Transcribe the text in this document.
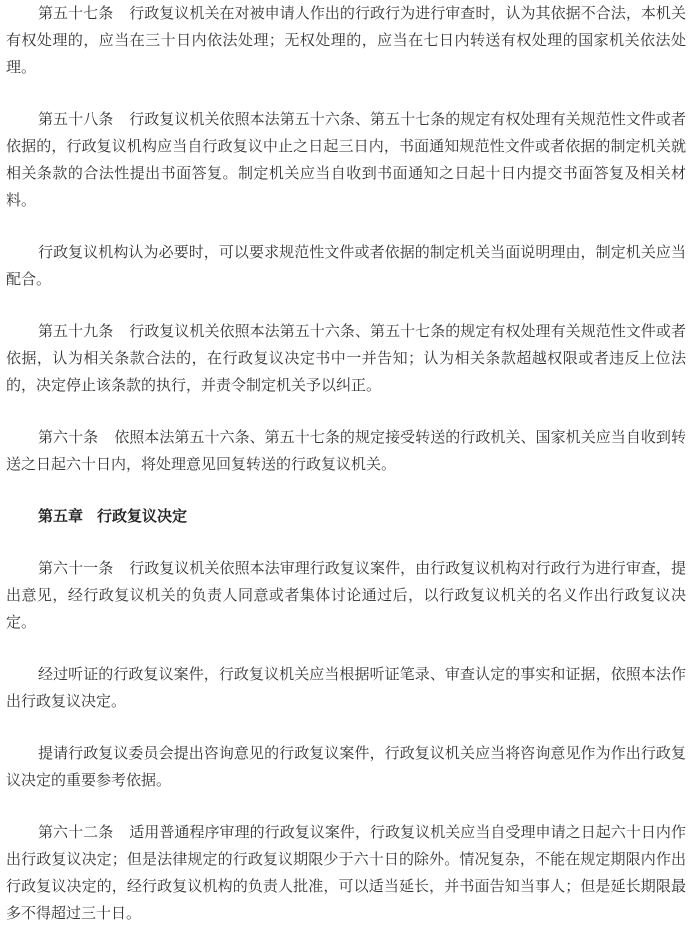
第五十七条 行政复议机关在对被申请人作出的行政行为进行审查时，认为其依据不合法，本机关有权处理的，应当在三十日内依法处理；无权处理的，应当在七日内转送有权处理的国家机关依法处理。

第五十八条 行政复议机关依照本法第五十六条、第五十七条的规定有权处理有关规范性文件或者依据的，行政复议机构应当自行政复议中止之日起三日内，书面通知规范性文件或者依据的制定机关就相关条款的合法性提出书面答复。制定机关应当自收到书面通知之日起十日内提交书面答复及相关材料。

行政复议机构认为必要时，可以要求规范性文件或者依据的制定机关当面说明理由，制定机关应当配合。

第五十九条 行政复议机关依照本法第五十六条、第五十七条的规定有权处理有关规范性文件或者依据，认为相关条款合法的，在行政复议决定书中一并告知；认为相关条款超越权限或者违反上位法的，决定停止该条款的执行，并责令制定机关予以纠正。

第六十条 依照本法第五十六条、第五十七条的规定接受转送的行政机关、国家机关应当自收到转送之日起六十日内，将处理意见回复转送的行政复议机关。

第五章 行政复议决定

第六十一条 行政复议机关依照本法审理行政复议案件，由行政复议机构对行政行为进行审查，提出意见，经行政复议机关的负责人同意或者集体讨论通过后，以行政复议机关的名义作出行政复议决定。

经过听证的行政复议案件，行政复议机关应当根据听证笔录、审查认定的事实和证据，依照本法作出行政复议决定。

提请行政复议委员会提出咨询意见的行政复议案件，行政复议机关应当将咨询意见作为作出行政复议决定的重要参考依据。

第六十二条 适用普通程序审理的行政复议案件，行政复议机关应当自受理申请之日起六十日内作出行政复议决定；但是法律规定的行政复议期限少于六十日的除外。情况复杂，不能在规定期限内作出行政复议决定的，经行政复议机构的负责人批准，可以适当延长，并书面告知当事人；但是延长期限最多不得超过三十日。
